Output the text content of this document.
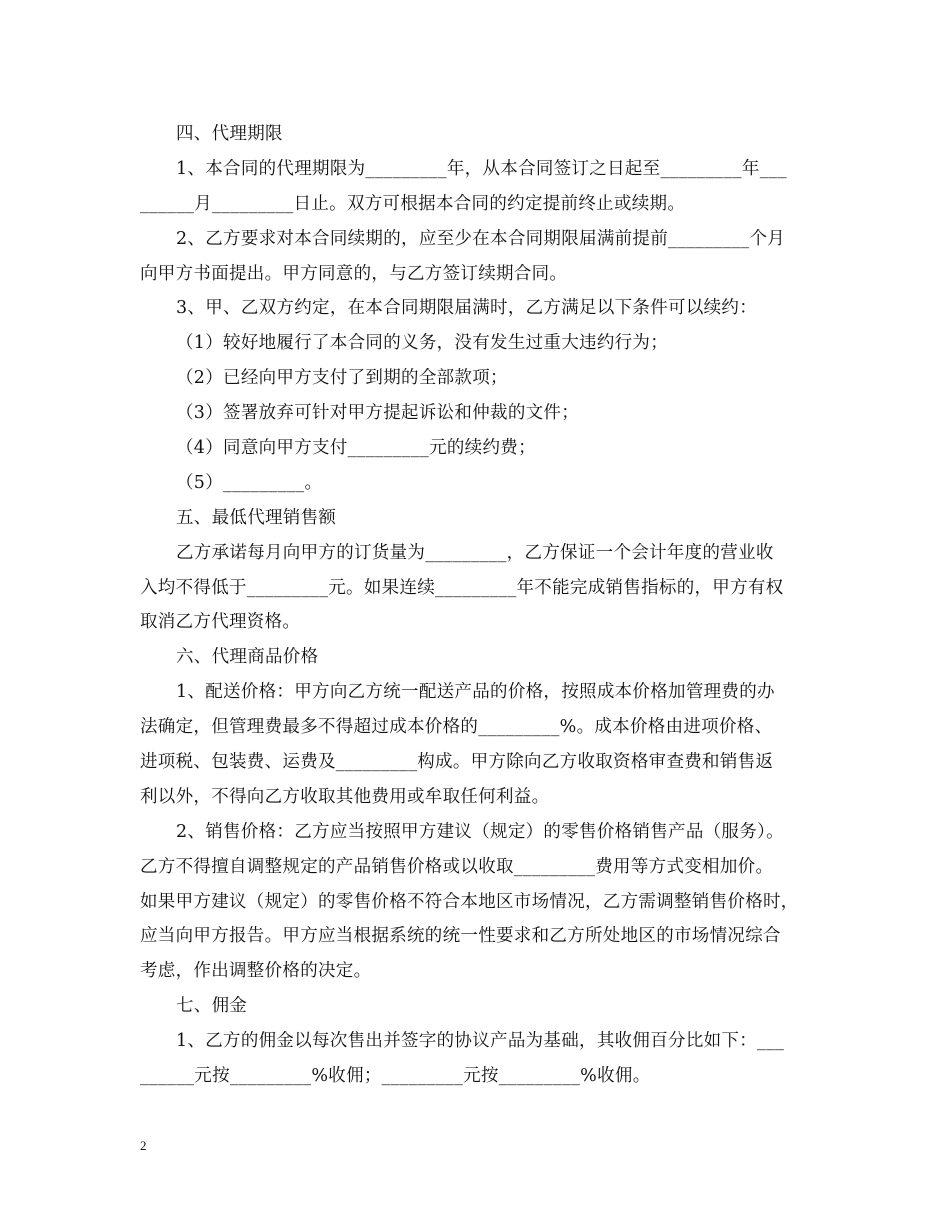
四、代理期限
1、本合同的代理期限为_________年，从本合同签订之日起至_________年___
______月_________日止。双方可根据本合同的约定提前终止或续期。
2、乙方要求对本合同续期的，应至少在本合同期限届满前提前_________个月
向甲方书面提出。甲方同意的，与乙方签订续期合同。
3、甲、乙双方约定，在本合同期限届满时，乙方满足以下条件可以续约：
（1）较好地履行了本合同的义务，没有发生过重大违约行为；
（2）已经向甲方支付了到期的全部款项；
（3）签署放弃可针对甲方提起诉讼和仲裁的文件；
（4）同意向甲方支付_________元的续约费；
（5）_________。
五、最低代理销售额
乙方承诺每月向甲方的订货量为_________，乙方保证一个会计年度的营业收
入均不得低于_________元。如果连续_________年不能完成销售指标的，甲方有权
取消乙方代理资格。
六、代理商品价格
1、配送价格：甲方向乙方统一配送产品的价格，按照成本价格加管理费的办
法确定，但管理费最多不得超过成本价格的_________%。成本价格由进项价格、
进项税、包装费、运费及_________构成。甲方除向乙方收取资格审查费和销售返
利以外，不得向乙方收取其他费用或牟取任何利益。
2、销售价格：乙方应当按照甲方建议（规定）的零售价格销售产品（服务）。
乙方不得擅自调整规定的产品销售价格或以收取_________费用等方式变相加价。
如果甲方建议（规定）的零售价格不符合本地区市场情况，乙方需调整销售价格时，
应当向甲方报告。甲方应当根据系统的统一性要求和乙方所处地区的市场情况综合
考虑，作出调整价格的决定。
七、佣金
1、乙方的佣金以每次售出并签字的协议产品为基础，其收佣百分比如下：___
______元按_________%收佣；_________元按_________%收佣。
2
